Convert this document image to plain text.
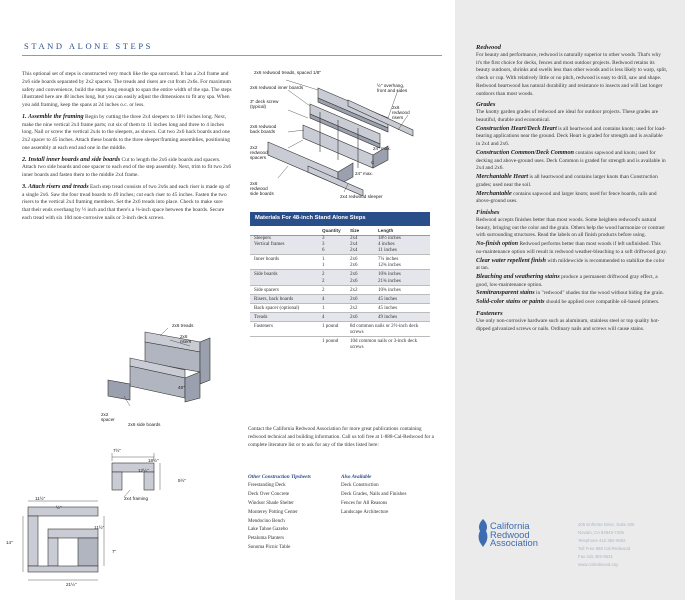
STAND ALONE STEPS

This optional set of steps is constructed very much like the spa surround. It has a 2x4 frame and 2x6 side boards separated by 2x2 spacers. The treads and risers are cut from 2x6s. For maximum safety and convenience, build the steps long enough to span the entire width of the spa. The steps illustrated here are 48 inches long, but you can easily adjust the dimensions to fit any spa. When you add framing, keep the spans at 24 inches o.c. or less.

1. Assemble the framing Begin by cutting the three 2x4 sleepers to 18½ inches long. Next, make the nine vertical 2x4 frame parts; cut six of them to 11 inches long and three to 4 inches long. Nail or screw the vertical 2x4s to the sleepers, as shown. Cut two 2x6 back boards and one 2x2 spacer to 45 inches. Attach these boards to the three sleeper/framing assemblies, positioning one assembly at each end and one in the middle.

2. Install inner boards and side boards Cut to length the 2x6 side boards and spacers. Attach two side boards and one spacer to each end of the step assembly. Next, trim to fit two 2x6 inner boards and fasten them to the middle 2x4 frame.

3. Attach risers and treads Each step tread consists of two 2x6s and each riser is made up of a single 2x6. Saw the four tread boards to 49 inches; cut each riser to 45 inches. Fasten the two risers to the vertical 2x4 framing members. Set the 2x6 treads into place. Check to make sure that their ends overhang by ½ inch and that there's a ⅛-inch space between the boards. Secure each tread with six 10d non-corrosive nails or 3-inch deck screws.

2x6 redwood treads, spaced 1/8"
2x6 redwood inner boards
3" deck screw
(typical)
2x6 redwood
back boards
2x2
redwood
spacers
2x6
redwood
side boards
½" overhang,
front and sides
2x6
redwood
risers
24" max.
C
24" max.
2x4 redwood sleeper
2x6 treads
2x6
risers
48"
2x2
spacer
2x6 side boards
7½"
18½"
12½"
5½"
2x4 framing
11½"
½"
11½"
14"
7"
21½"
Materials For 48-inch Stand Alone Steps
	Quantity	Size	Length
Sleepers	3	2x4	18½ inches
Vertical frames	3	2x4	4 inches
	6	2x4	11 inches
Inner boards	1	2x6	7¼ inches
	1	2x6	12¾ inches
Side boards	2	2x6	10¾ inches
	2	2x6	21¾ inches
Side spacers	2	2x2	10¾ inches
Risers, back boards	4	2x6	45 inches
Back spacer (optional)	1	2x2	45 inches
Treads	4	2x6	49 inches
Fasteners	1 pound	8d common nails or 2½-inch deck screws	
	1 pound	10d common nails or 3-inch deck screws	
Contact the California Redwood Association for more great publications containing redwood technical and building information. Call us toll free at 1-888-Cal-Redwood for a complete literature list or to ask for any of the titles listed here:
Other Construction Tipsheets
Freestanding Deck
Deck Over Concrete
Windsor Shade Shelter
Monterey Potting Center
Mendocino Bench
Lake Tahoe Gazebo
Petaluma Planters
Sonoma Picnic Table
Also Available
Deck Construction
Deck Grades, Nails and Finishes
Fences for All Reasons
Landscape Architecture
Redwood
For beauty and performance, redwood is naturally superior to other woods. That's why it's the first choice for decks, fences and most outdoor projects. Redwood retains its beauty outdoors, shrinks and swells less than other woods and is less likely to warp, split, check or cup. With relatively little or no pitch, redwood is easy to drill, saw and shape. Redwood heartwood has natural durability and resistance to insects and will last longer outdoors than most woods.
Grades
The knotty garden grades of redwood are ideal for outdoor projects. These grades are beautiful, durable and economical.
Construction Heart/Deck Heart is all heartwood and contains knots; used for load-bearing applications near the ground. Deck Heart is graded for strength and is available in 2x4 and 2x6.
Construction Common/Deck Common contains sapwood and knots; used for decking and above-ground uses. Deck Common is graded for strength and is available in 2x4 and 2x6.
Merchantable Heart is all heartwood and contains larger knots than Construction grades; used near the soil.
Merchantable contains sapwood and larger knots; used for fence boards, rails and above-ground uses.
Finishes
Redwood accepts finishes better than most woods. Some heighten redwood's natural beauty, bringing out the color and the grain. Others help the wood harmonize or contrast with surrounding structures. Read the labels on all finish products before using.
No-finish option Redwood performs better than most woods if left unfinished. This no-maintenance option will result in redwood weather-bleaching to a soft driftwood gray.
Clear water repellent finish with mildewcide is recommended to stabilize the color at tan.
Bleaching and weathering stains produce a permanent driftwood gray effect, a good, low-maintenance option.
Semitransparent stains in "redwood" shades tint the wood without hiding the grain.
Solid-color stains or paints should be applied over compatible oil-based primers.
Fasteners
Use only non-corrosive hardware such as aluminum, stainless steel or top quality hot-dipped galvanized screws or nails. Ordinary nails and screws will cause stains.
California
Redwood
Association
405 Enfrente Drive, Suite 200
Novato, CA 94949-7206
Telephone 415 382-0662
Toll Free 888 Cal-Redwood
Fax 415 382-8531
www.calredwood.org
